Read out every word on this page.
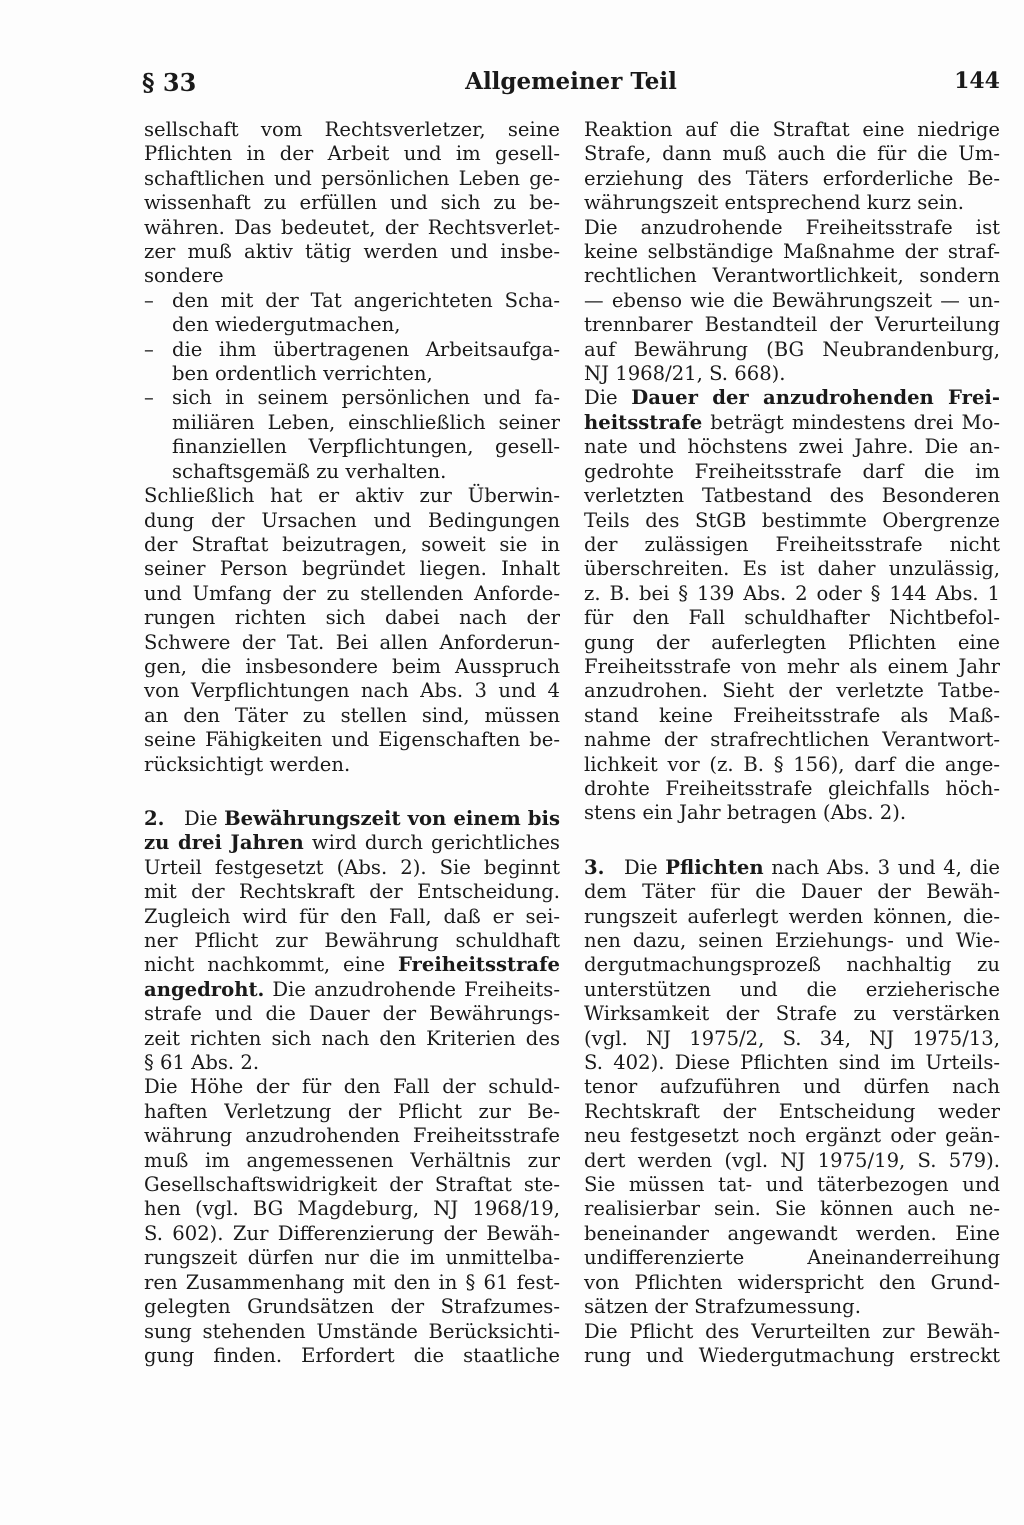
§ 33	Allgemeiner Teil	144

sellschaft vom Rechtsverletzer, seine
Pflichten in der Arbeit und im gesell-
schaftlichen und persönlichen Leben ge-
wissenhaft zu erfüllen und sich zu be-
währen. Das bedeutet, der Rechtsverlet-
zer muß aktiv tätig werden und insbe-
sondere

– den mit der Tat angerichteten Scha-
den wiedergutmachen,
– die ihm übertragenen Arbeitsaufga-
ben ordentlich verrichten,
– sich in seinem persönlichen und fa-
miliären Leben, einschließlich seiner
finanziellen Verpflichtungen, gesell-
schaftsgemäß zu verhalten.

Schließlich hat er aktiv zur Überwin-
dung der Ursachen und Bedingungen
der Straftat beizutragen, soweit sie in
seiner Person begründet liegen. Inhalt
und Umfang der zu stellenden Anforde-
rungen richten sich dabei nach der
Schwere der Tat. Bei allen Anforderun-
gen, die insbesondere beim Ausspruch
von Verpflichtungen nach Abs. 3 und 4
an den Täter zu stellen sind, müssen
seine Fähigkeiten und Eigenschaften be-
rücksichtigt werden.

2. Die Bewährungszeit von einem bis
zu drei Jahren wird durch gerichtliches
Urteil festgesetzt (Abs. 2). Sie beginnt
mit der Rechtskraft der Entscheidung.
Zugleich wird für den Fall, daß er sei-
ner Pflicht zur Bewährung schuldhaft
nicht nachkommt, eine Freiheitsstrafe
angedroht. Die anzudrohende Freiheits-
strafe und die Dauer der Bewährungs-
zeit richten sich nach den Kriterien des
§ 61 Abs. 2.

Die Höhe der für den Fall der schuld-
haften Verletzung der Pflicht zur Be-
währung anzudrohenden Freiheitsstrafe
muß im angemessenen Verhältnis zur
Gesellschaftswidrigkeit der Straftat ste-
hen (vgl. BG Magdeburg, NJ 1968/19,
S. 602). Zur Differenzierung der Bewäh-
rungszeit dürfen nur die im unmittelba-
ren Zusammenhang mit den in § 61 fest-
gelegten Grundsätzen der Strafzumes-
sung stehenden Umstände Berücksichti-
gung finden. Erfordert die staatliche

Reaktion auf die Straftat eine niedrige
Strafe, dann muß auch die für die Um-
erziehung des Täters erforderliche Be-
währungszeit entsprechend kurz sein.

Die anzudrohende Freiheitsstrafe ist
keine selbständige Maßnahme der straf-
rechtlichen Verantwortlichkeit, sondern
— ebenso wie die Bewährungszeit — un-
trennbarer Bestandteil der Verurteilung
auf Bewährung (BG Neubrandenburg,
NJ 1968/21, S. 668).

Die Dauer der anzudrohenden Frei-
heitsstrafe beträgt mindestens drei Mo-
nate und höchstens zwei Jahre. Die an-
gedrohte Freiheitsstrafe darf die im
verletzten Tatbestand des Besonderen
Teils des StGB bestimmte Obergrenze
der zulässigen Freiheitsstrafe nicht
überschreiten. Es ist daher unzulässig,
z. B. bei § 139 Abs. 2 oder § 144 Abs. 1
für den Fall schuldhafter Nichtbefol-
gung der auferlegten Pflichten eine
Freiheitsstrafe von mehr als einem Jahr
anzudrohen. Sieht der verletzte Tatbe-
stand keine Freiheitsstrafe als Maß-
nahme der strafrechtlichen Verantwort-
lichkeit vor (z. B. § 156), darf die ange-
drohte Freiheitsstrafe gleichfalls höch-
stens ein Jahr betragen (Abs. 2).

3. Die Pflichten nach Abs. 3 und 4, die
dem Täter für die Dauer der Bewäh-
rungszeit auferlegt werden können, die-
nen dazu, seinen Erziehungs- und Wie-
dergutmachungsprozeß nachhaltig zu
unterstützen und die erzieherische
Wirksamkeit der Strafe zu verstärken
(vgl. NJ 1975/2, S. 34, NJ 1975/13,
S. 402). Diese Pflichten sind im Urteils-
tenor aufzuführen und dürfen nach
Rechtskraft der Entscheidung weder
neu festgesetzt noch ergänzt oder geän-
dert werden (vgl. NJ 1975/19, S. 579).
Sie müssen tat- und täterbezogen und
realisierbar sein. Sie können auch ne-
beneinander angewandt werden. Eine
undifferenzierte Aneinanderreihung
von Pflichten widerspricht den Grund-
sätzen der Strafzumessung.

Die Pflicht des Verurteilten zur Bewäh-
rung und Wiedergutmachung erstreckt
